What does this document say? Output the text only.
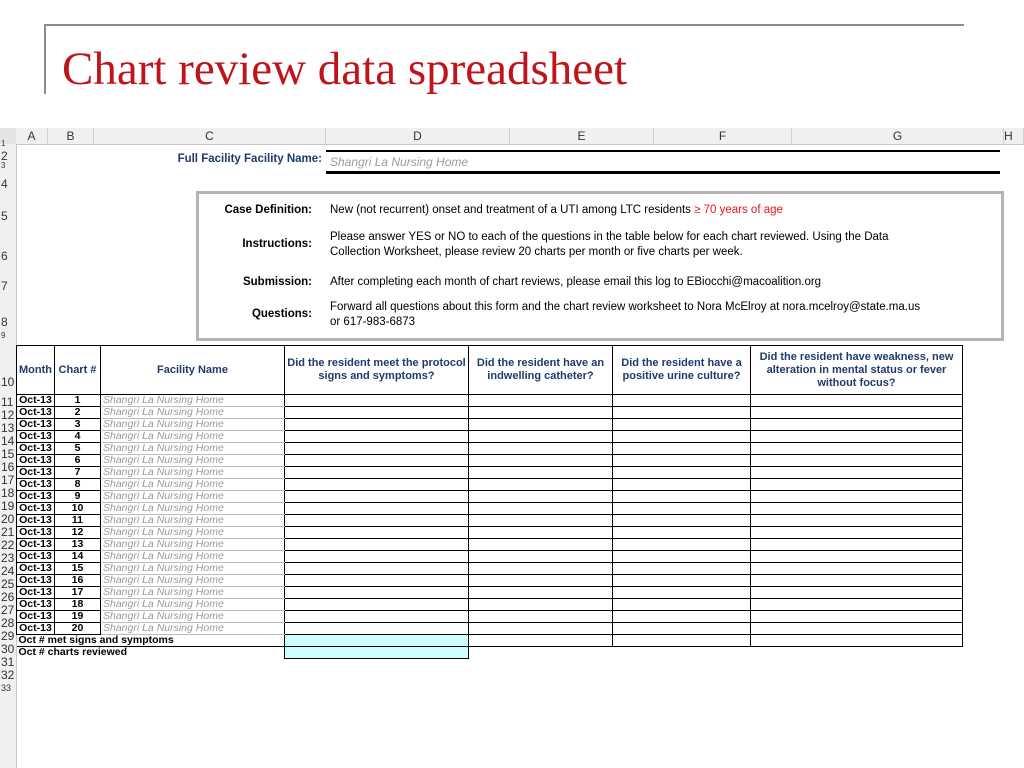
Chart review data spreadsheet
A	B	C	D	E	F	G	H
1
2
3
4
5
6
7
8
9
10
11
12
13
14
15
16
17
18
19
20
21
22
23
24
25
26
27
28
29
30
31
32
33
Full Facility Facility Name: Shangri La Nursing Home
Case Definition: New (not recurrent) onset and treatment of a UTI among LTC residents ≥ 70 years of age
Instructions:
Please answer YES or NO to each of the questions in the table below for each chart reviewed. Using the Data
Collection Worksheet, please review 20 charts per month or five charts per week.
Submission: After completing each month of chart reviews, please email this log to EBiocchi@macoalition.org
Questions:
Forward all questions about this form and the chart review worksheet to Nora McElroy at nora.mcelroy@state.ma.us
or 617-983-6873
Month	Chart #	Facility Name	Did the resident meet the protocol signs and symptoms?	Did the resident have an indwelling catheter?	Did the resident have a positive urine culture?	Did the resident have weakness, new alteration in mental status or fever without focus?
Oct-13	1	Shangri La Nursing Home				
Oct-13	2	Shangri La Nursing Home				
Oct-13	3	Shangri La Nursing Home				
Oct-13	4	Shangri La Nursing Home				
Oct-13	5	Shangri La Nursing Home				
Oct-13	6	Shangri La Nursing Home				
Oct-13	7	Shangri La Nursing Home				
Oct-13	8	Shangri La Nursing Home				
Oct-13	9	Shangri La Nursing Home				
Oct-13	10	Shangri La Nursing Home				
Oct-13	11	Shangri La Nursing Home				
Oct-13	12	Shangri La Nursing Home				
Oct-13	13	Shangri La Nursing Home				
Oct-13	14	Shangri La Nursing Home				
Oct-13	15	Shangri La Nursing Home				
Oct-13	16	Shangri La Nursing Home				
Oct-13	17	Shangri La Nursing Home				
Oct-13	18	Shangri La Nursing Home				
Oct-13	19	Shangri La Nursing Home				
Oct-13	20	Shangri La Nursing Home				
Oct # met signs and symptoms						
Oct # charts reviewed						
